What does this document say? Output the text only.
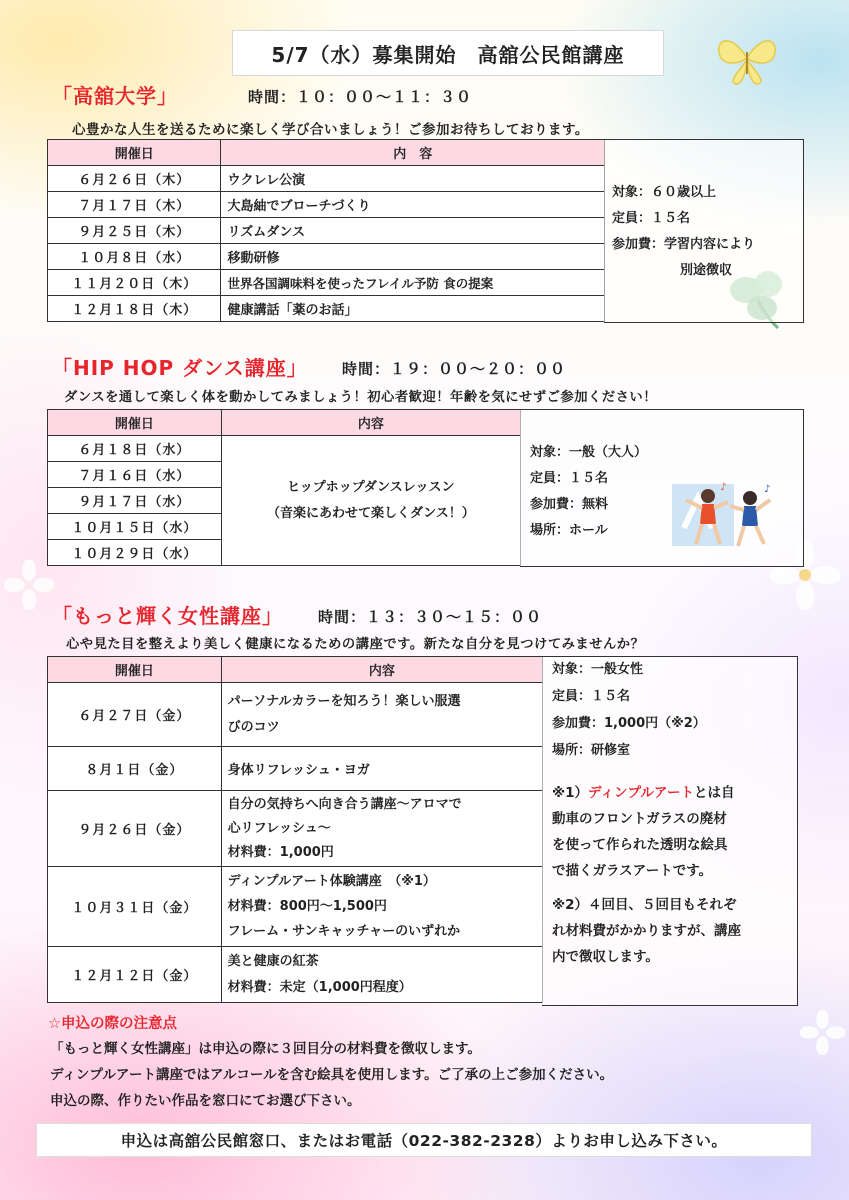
5/7（水）募集開始　高舘公民館講座
「高舘大学」	時間：１０：００～１１：３０
心豊かな人生を送るために楽しく学び合いましょう！ご参加お待ちしております。
開催日	内　容
６月２６日（木）	ウクレレ公演
７月１７日（木）	大島紬でブローチづくり
９月２５日（木）	リズムダンス
１０月８日（水）	移動研修
１１月２０日（木）	世界各国調味料を使ったフレイル予防 食の提案
１２月１８日（木）	健康講話「薬のお話」
対象：６０歳以上
定員：１５名
参加費：学習内容により
別途徴収
「HIP HOP ダンス講座」 時間：１９：００～２０：００
ダンスを通して楽しく体を動かしてみましょう！初心者歓迎！年齢を気にせずご参加ください！
開催日	内容
６月１８日（水）	ヒップホップダンスレッスン
（音楽にあわせて楽しくダンス！）

７月１６日（水）	
９月１７日（水）	
１０月１５日（水）	
１０月２９日（水）	
対象：一般（大人）
定員：１５名
参加費：無料
場所：ホール
♪	♪
「もっと輝く女性講座」 時間：１３：３０～１５：００
心や見た目を整えより美しく健康になるための講座です。新たな自分を見つけてみませんか？
開催日	内容
６月２７日（金）	パーソナルカラーを知ろう！楽しい服選
びのコツ

８月１日（金）	身体リフレッシュ・ヨガ

９月２６日（金）	自分の気持ちへ向き合う講座～アロマで
心リフレッシュ～
材料費：1,000円

１０月３１日（金）	ディンプルアート体験講座　（※1）
材料費：800円～1,500円
フレーム・サンキャッチャーのいずれか

１２月１２日（金）	美と健康の紅茶
材料費：未定（1,000円程度）
対象：一般女性
定員：１５名
参加費：1,000円（※2）
場所：研修室
※1）ディンプルアートとは自
動車のフロントガラスの廃材
を使って作られた透明な絵具
で描くガラスアートです。
※2）４回目、５回目もそれぞ
れ材料費がかかりますが、講座
内で徴収します。
☆申込の際の注意点
「もっと輝く女性講座」は申込の際に３回目分の材料費を徴収します。
ディンプルアート講座ではアルコールを含む絵具を使用します。ご了承の上ご参加ください。
申込の際、作りたい作品を窓口にてお選び下さい。
申込は高舘公民館窓口、またはお電話（022-382-2328）よりお申し込み下さい。
